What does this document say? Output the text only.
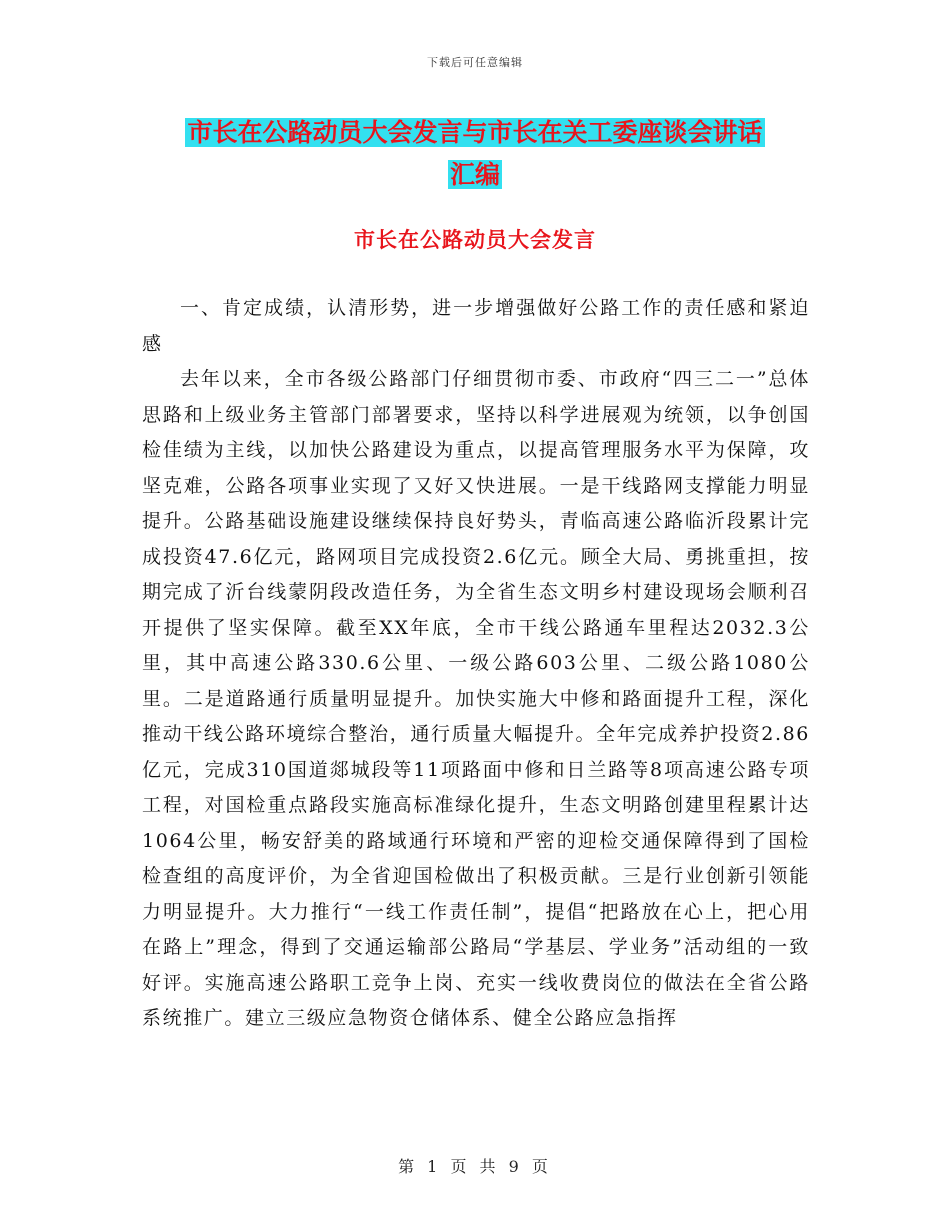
下载后可任意编辑
市长在公路动员大会发言与市长在关工委座谈会讲话
汇编
市长在公路动员大会发言

一、肯定成绩，认清形势，进一步增强做好公路工作的责任感和紧迫感

去年以来，全市各级公路部门仔细贯彻市委、市政府“四三二一”总体思路和上级业务主管部门部署要求，坚持以科学进展观为统领，以争创国检佳绩为主线，以加快公路建设为重点，以提高管理服务水平为保障，攻坚克难，公路各项事业实现了又好又快进展。一是干线路网支撑能力明显提升。公路基础设施建设继续保持良好势头，青临高速公路临沂段累计完成投资47.6亿元，路网项目完成投资2.6亿元。顾全大局、勇挑重担，按期完成了沂台线蒙阴段改造任务，为全省生态文明乡村建设现场会顺利召开提供了坚实保障。截至XX年底，全市干线公路通车里程达2032.3公里，其中高速公路330.6公里、一级公路603公里、二级公路1080公里。二是道路通行质量明显提升。加快实施大中修和路面提升工程，深化推动干线公路环境综合整治，通行质量大幅提升。全年完成养护投资2.86亿元，完成310国道郯城段等11项路面中修和日兰路等8项高速公路专项工程，对国检重点路段实施高标准绿化提升，生态文明路创建里程累计达1064公里，畅安舒美的路域通行环境和严密的迎检交通保障得到了国检检查组的高度评价，为全省迎国检做出了积极贡献。三是行业创新引领能力明显提升。大力推行“一线工作责任制”，提倡“把路放在心上，把心用在路上”理念，得到了交通运输部公路局“学基层、学业务”活动组的一致好评。实施高速公路职工竞争上岗、充实一线收费岗位的做法在全省公路系统推广。建立三级应急物资仓储体系、健全公路应急指挥

第 1 页 共 9 页
